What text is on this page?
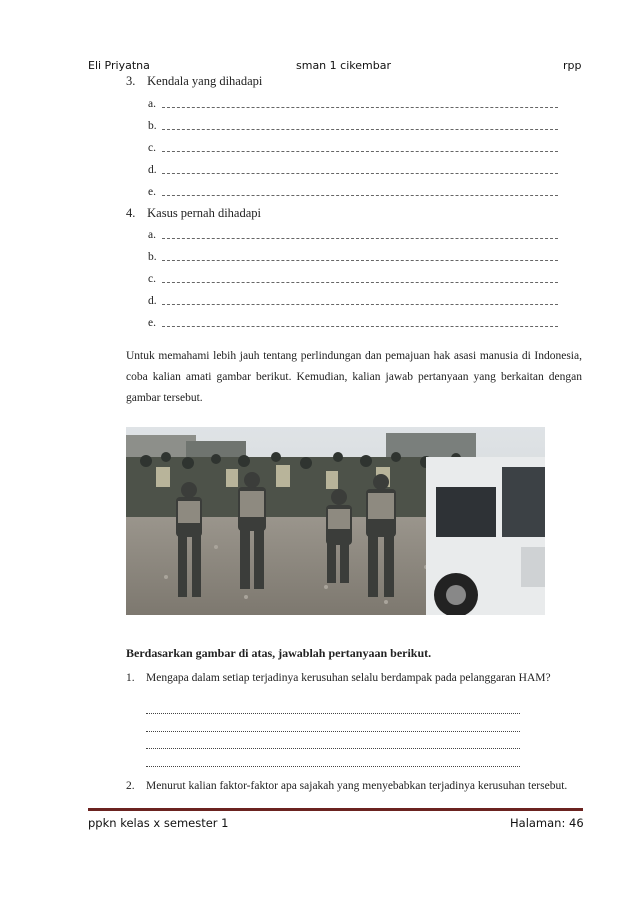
Eli Priyatna	sman 1 cikembar	rpp
3. Kendala yang dihadapi
a.
b.
c.
d.
e.
4. Kasus pernah dihadapi
a.
b.
c.
d.
e.
Untuk memahami lebih jauh tentang perlindungan dan pemajuan hak asasi manusia di Indonesia, coba kalian amati gambar berikut. Kemudian, kalian jawab pertanyaan yang berkaitan dengan gambar tersebut.
Berdasarkan gambar di atas, jawablah pertanyaan berikut.
1. Mengapa dalam setiap terjadinya kerusuhan selalu berdampak pada pelanggaran HAM?
2. Menurut kalian faktor-faktor apa sajakah yang menyebabkan terjadinya kerusuhan tersebut.
ppkn kelas x semester 1	Halaman: 46
